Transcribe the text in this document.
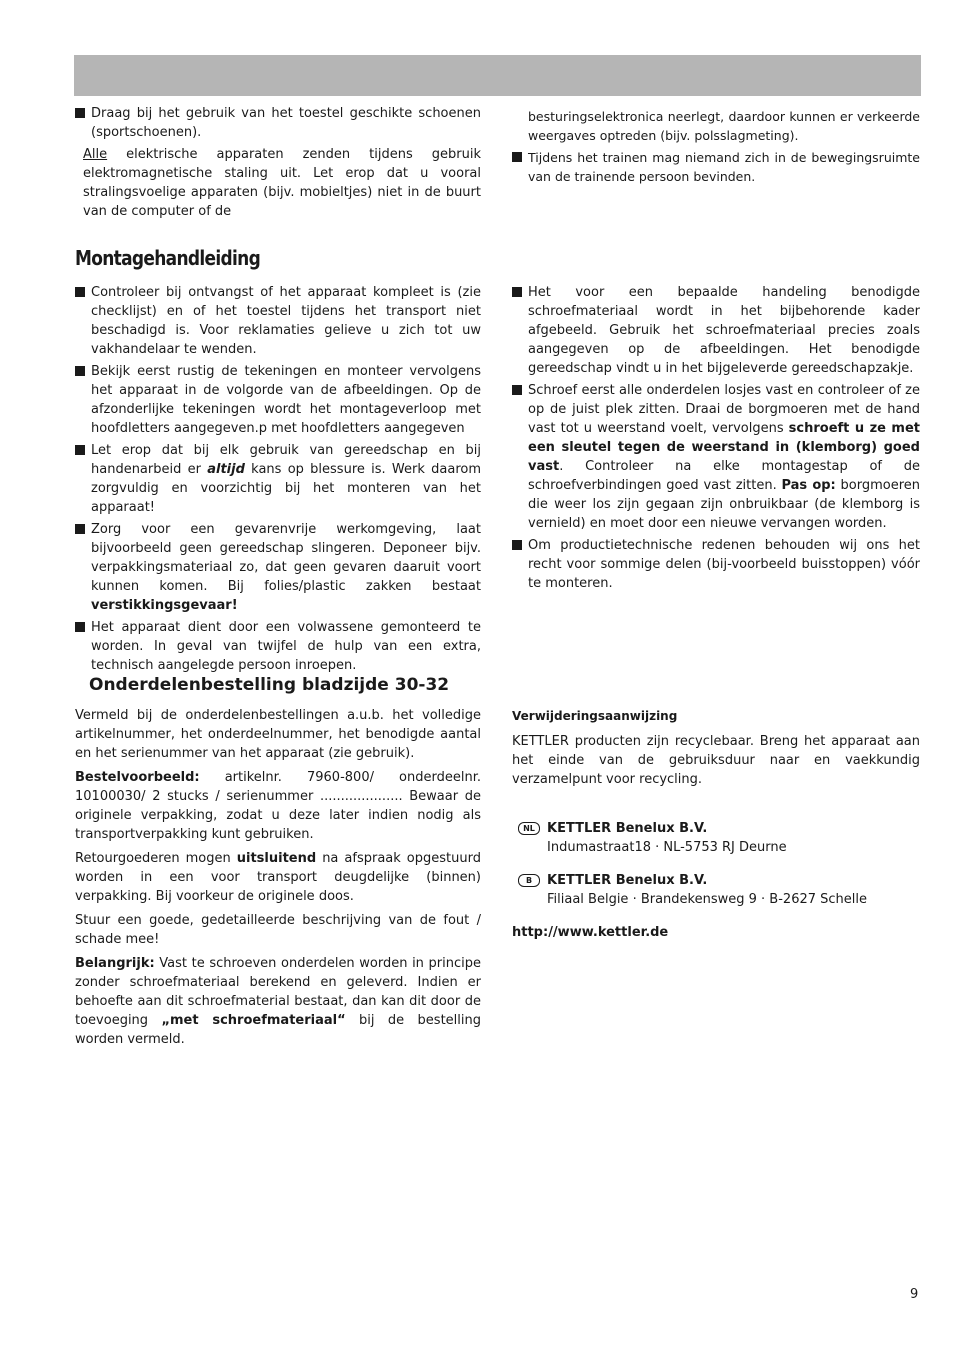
Draag bij het gebruik van het toestel geschikte schoenen (sportschoenen).

Alle elektrische apparaten zenden tijdens gebruik elektromagnetische staling uit. Let erop dat u vooral stralingsvoelige apparaten (bijv. mobieltjes) niet in de buurt van de computer of de

besturingselektronica neerlegt, daardoor kunnen er verkeerde weergaves optreden (bijv. polsslagmeting).

Tijdens het trainen mag niemand zich in de bewegingsruimte van de trainende persoon bevinden.
Montagehandleiding
Controleer bij ontvangst of het apparaat kompleet is (zie checklijst) en of het toestel tijdens het transport niet beschadigd is. Voor reklamaties gelieve u zich tot uw vakhandelaar te wenden.
Bekijk eerst rustig de tekeningen en monteer vervolgens het apparaat in de volgorde van de afbeeldingen. Op de afzonderlijke tekeningen wordt het montageverloop met hoofdletters aangegeven.p met hoofdletters aangegeven
Let erop dat bij elk gebruik van gereedschap en bij handenarbeid er altijd kans op blessure is. Werk daarom zorgvuldig en voorzichtig bij het monteren van het apparaat!
Zorg voor een gevarenvrije werkomgeving, laat bijvoorbeeld geen gereedschap slingeren. Deponeer bijv. verpakkingsmateriaal zo, dat geen gevaren daaruit voort kunnen komen. Bij folies/plastic zakken bestaat verstikkingsgevaar!
Het apparaat dient door een volwassene gemonteerd te worden. In geval van twijfel de hulp van een extra, technisch aangelegde persoon inroepen.
Het voor een bepaalde handeling benodigde schroefmateriaal wordt in het bijbehorende kader afgebeeld. Gebruik het schroefmateriaal precies zoals aangegeven op de afbeeldingen. Het benodigde gereedschap vindt u in het bijgeleverde gereedschapzakje.
Schroef eerst alle onderdelen losjes vast en controleer of ze op de juist plek zitten. Draai de borgmoeren met de hand vast tot u weerstand voelt, vervolgens schroeft u ze met een sleutel tegen de weerstand in (klemborg) goed vast. Controleer na elke montagestap of de schroefverbindingen goed vast zitten. Pas op: borgmoeren die weer los zijn gegaan zijn onbruikbaar (de klemborg is vernield) en moet door een nieuwe vervangen worden.
Om productietechnische redenen behouden wij ons het recht voor sommige delen (bij-voorbeeld buisstoppen) vóór te monteren.
Onderdelenbestelling bladzijde 30-32

Vermeld bij de onderdelenbestellingen a.u.b. het volledige artikelnummer, het onderdeelnummer, het benodigde aantal en het serienummer van het apparaat (zie gebruik).

Bestelvoorbeeld: artikelnr. 7960-800/ onderdeelnr. 10100030/ 2 stucks / serienummer .................... Bewaar de originele verpakking, zodat u deze later indien nodig als transportverpakking kunt gebruiken.

Retourgoederen mogen uitsluitend na afspraak opgestuurd worden in een voor transport deugdelijke (binnen) verpakking. Bij voorkeur de originele doos.

Stuur een goede, gedetailleerde beschrijving van de fout / schade mee!

Belangrijk: Vast te schroeven onderdelen worden in principe zonder schroefmateriaal berekend en geleverd. Indien er behoefte aan dit schroefmaterial bestaat, dan kan dit door de toevoeging „met schroefmateriaal“ bij de bestelling worden vermeld.

Verwijderingsaanwijzing

KETTLER producten zijn recyclebaar. Breng het apparaat aan het einde van de gebruiksduur naar en vaekkundig verzamelpunt voor recycling.

NL KETTLER Benelux B.V.
Indumastraat18 · NL-5753 RJ Deurne
B	KETTLER Benelux B.V.
Filiaal Belgie · Brandekensweg 9 · B-2627 Schelle
http://www.kettler.de
9
